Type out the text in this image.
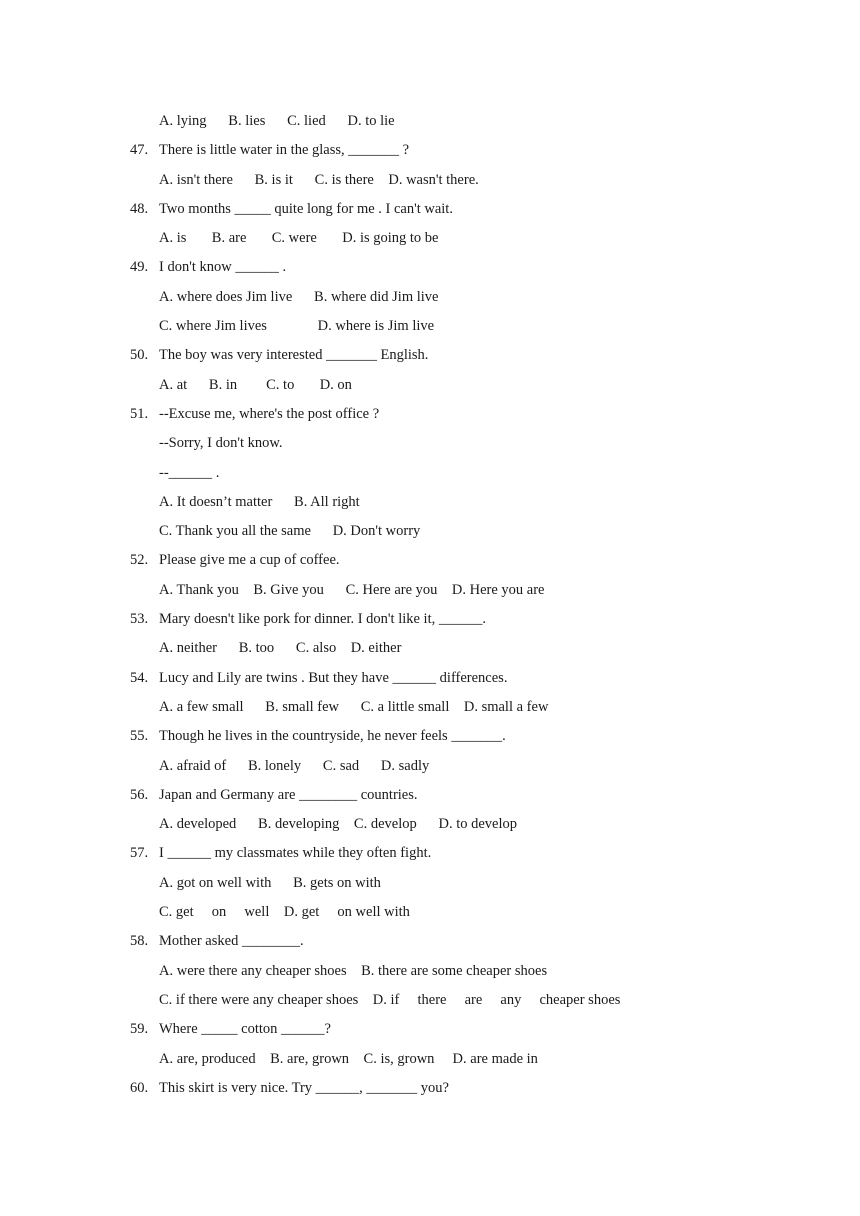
A. lying      B. lies      C. lied      D. to lie
47. There is little water in the glass, _______ ?
A. isn't there      B. is it      C. is there    D. wasn't there.
48. Two months _____ quite long for me . I can't wait.
A. is       B. are       C. were       D. is going to be
49. I don't know ______ .
A. where does Jim live      B. where did Jim live
C. where Jim lives              D. where is Jim live
50. The boy was very interested _______ English.
A. at      B. in        C. to       D. on
51. --Excuse me, where's the post office ?
--Sorry, I don't know.
--______ .
A. It doesn’t matter      B. All right
C. Thank you all the same      D. Don't worry
52. Please give me a cup of coffee.
A. Thank you    B. Give you      C. Here are you    D. Here you are
53. Mary doesn't like pork for dinner. I don't like it, ______.
A. neither      B. too      C. also    D. either
54. Lucy and Lily are twins . But they have ______ differences.
A. a few small      B. small few      C. a little small    D. small a few
55. Though he lives in the countryside, he never feels _______.
A. afraid of      B. lonely      C. sad      D. sadly
56. Japan and Germany are ________ countries.
A. developed      B. developing    C. develop      D. to develop
57. I ______ my classmates while they often fight.
A. got on well with      B. gets on with
C. get     on     well    D. get     on well with
58. Mother asked ________.
A. were there any cheaper shoes    B. there are some cheaper shoes
C. if there were any cheaper shoes    D. if     there     are     any     cheaper shoes
59. Where _____ cotton ______?
A. are, produced    B. are, grown    C. is, grown     D. are made in
60. This skirt is very nice. Try ______, _______ you?
